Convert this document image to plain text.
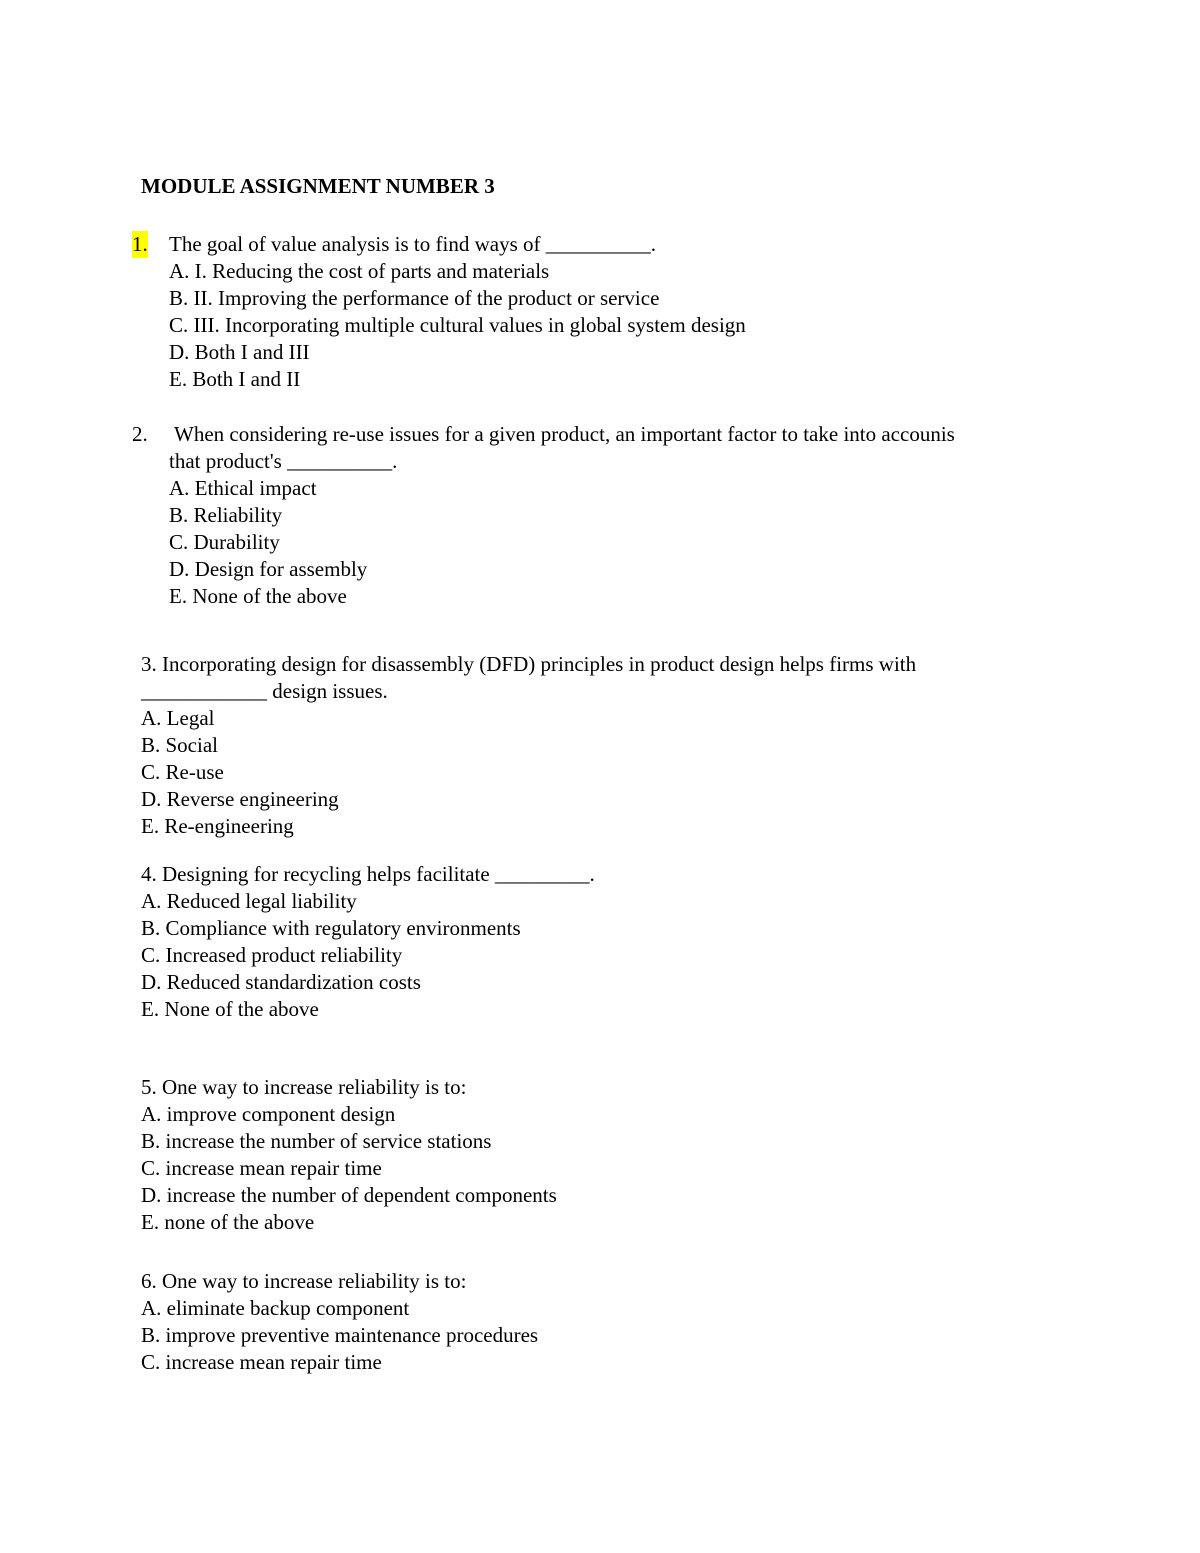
MODULE ASSIGNMENT NUMBER 3
1. The goal of value analysis is to find ways of __________.
A. I. Reducing the cost of parts and materials
B. II. Improving the performance of the product or service
C. III. Incorporating multiple cultural values in global system design
D. Both I and III
E. Both I and II
2. When considering re-use issues for a given product, an important factor to take into accounis
that product's __________.
A. Ethical impact
B. Reliability
C. Durability
D. Design for assembly
E. None of the above
3. Incorporating design for disassembly (DFD) principles in product design helps firms with
____________ design issues.
A. Legal
B. Social
C. Re-use
D. Reverse engineering
E. Re-engineering
4. Designing for recycling helps facilitate _________.
A. Reduced legal liability
B. Compliance with regulatory environments
C. Increased product reliability
D. Reduced standardization costs
E. None of the above
5. One way to increase reliability is to:
A. improve component design
B. increase the number of service stations
C. increase mean repair time
D. increase the number of dependent components
E. none of the above
6. One way to increase reliability is to:
A. eliminate backup component
B. improve preventive maintenance procedures
C. increase mean repair time
